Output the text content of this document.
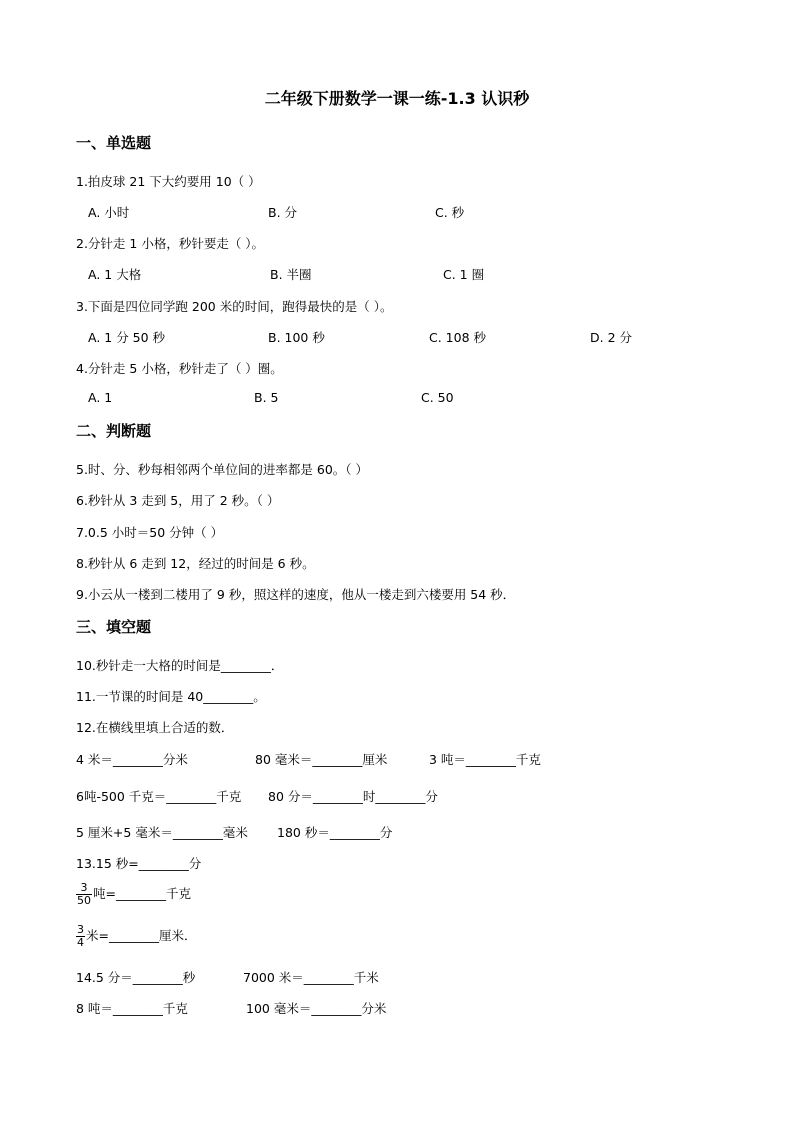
二年级下册数学一课一练-1.3 认识秒
一、单选题
1.拍皮球 21 下大约要用 10（ ）
A. 小时	B. 分	C. 秒
2.分针走 1 小格，秒针要走（ ）。
A. 1 大格	B. 半圈	C. 1 圈
3.下面是四位同学跑 200 米的时间，跑得最快的是（ ）。
A. 1 分 50 秒	B. 100 秒	C. 108 秒	D. 2 分
4.分针走 5 小格，秒针走了（ ）圈。
A. 1	B. 5	C. 50
二、判断题
5.时、分、秒每相邻两个单位间的进率都是 60。（ ）
6.秒针从 3 走到 5，用了 2 秒。（ ）
7.0.5 小时＝50 分钟（ ）
8.秒针从 6 走到 12，经过的时间是 6 秒。
9.小云从一楼到二楼用了 9 秒，照这样的速度，他从一楼走到六楼要用 54 秒．
三、填空题
10.秒针走一大格的时间是________．
11.一节课的时间是 40________。
12.在横线里填上合适的数．
4 米＝________分米	80 毫米＝________厘米	3 吨＝________千克
6吨-500 千克＝________千克 80 分＝________时________分
5 厘米+5 毫米＝________毫米 180 秒＝________分
13.15 秒=________分
$\frac{3}{50}$ 吨=________千克
$\frac{3}{4}$ 米=________厘米．
14.5 分＝________秒	7000 米＝________千米
8 吨＝________千克	100 毫米＝________分米
